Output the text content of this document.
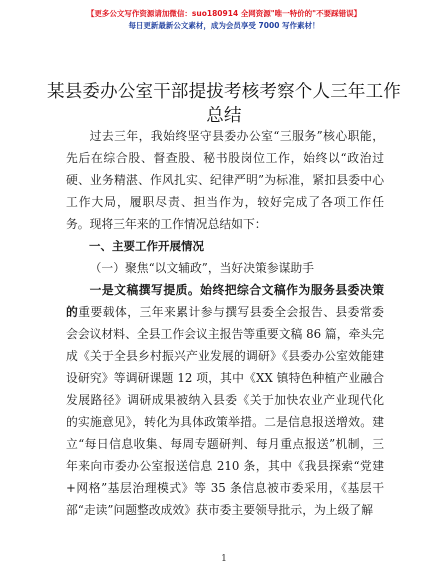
【更多公文写作资源请加微信：suo180914 全网资源"唯一特价的"不要踩错误】
每日更新最新公文素材，成为会员享受 7000 写作素材！
某县委办公室干部提拔考核考察个人三年工作总结

过去三年，我始终坚守县委办公室“三服务”核心职能，先后在综合股、督查股、秘书股岗位工作，始终以“政治过硬、业务精湛、作风扎实、纪律严明”为标准，紧扣县委中心工作大局，履职尽责、担当作为，较好完成了各项工作任务。现将三年来的工作情况总结如下：

一、主要工作开展情况

（一）聚焦“以文辅政”，当好决策参谋助手

一是文稿撰写提质。始终把综合文稿作为服务县委决策的重要载体，三年来累计参与撰写县委全会报告、县委常委会会议材料、全县工作会议主报告等重要文稿 86 篇，牵头完成《关于全县乡村振兴产业发展的调研》《县委办公室效能建设研究》等调研课题 12 项，其中《XX 镇特色种植产业融合发展路径》调研成果被纳入县委《关于加快农业产业现代化的实施意见》，转化为具体政策举措。二是信息报送增效。建立“每日信息收集、每周专题研判、每月重点报送”机制，三年来向市委办公室报送信息 210 条，其中《我县探索“党建+网格”基层治理模式》等 35 条信息被市委采用，《基层干部“走读”问题整改成效》获市委主要领导批示，为上级了解

1
